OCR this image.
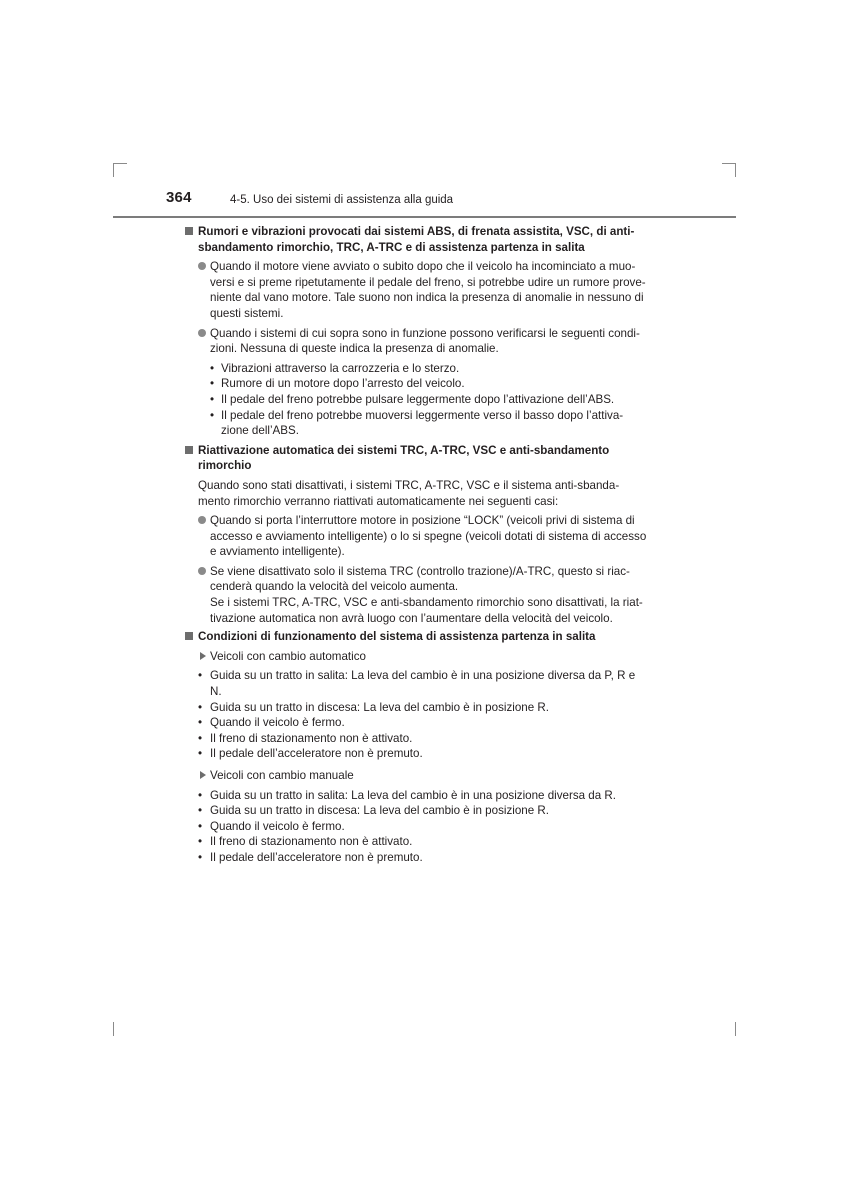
364	4-5. Uso dei sistemi di assistenza alla guida
Rumori e vibrazioni provocati dai sistemi ABS, di frenata assistita, VSC, di anti-
sbandamento rimorchio, TRC, A-TRC e di assistenza partenza in salita
Quando il motore viene avviato o subito dopo che il veicolo ha incominciato a muo-
versi e si preme ripetutamente il pedale del freno, si potrebbe udire un rumore prove-
niente dal vano motore. Tale suono non indica la presenza di anomalie in nessuno di
questi sistemi.
Quando i sistemi di cui sopra sono in funzione possono verificarsi le seguenti condi-
zioni. Nessuna di queste indica la presenza di anomalie.
• Vibrazioni attraverso la carrozzeria e lo sterzo.
• Rumore di un motore dopo l’arresto del veicolo.
• Il pedale del freno potrebbe pulsare leggermente dopo l’attivazione dell’ABS.
• Il pedale del freno potrebbe muoversi leggermente verso il basso dopo l’attiva-
zione dell’ABS.
Riattivazione automatica dei sistemi TRC, A-TRC, VSC e anti-sbandamento
rimorchio
Quando sono stati disattivati, i sistemi TRC, A-TRC, VSC e il sistema anti-sbanda-
mento rimorchio verranno riattivati automaticamente nei seguenti casi:
Quando si porta l’interruttore motore in posizione “LOCK” (veicoli privi di sistema di
accesso e avviamento intelligente) o lo si spegne (veicoli dotati di sistema di accesso
e avviamento intelligente).
Se viene disattivato solo il sistema TRC (controllo trazione)/A-TRC, questo si riac-
cenderà quando la velocità del veicolo aumenta.
Se i sistemi TRC, A-TRC, VSC e anti-sbandamento rimorchio sono disattivati, la riat-
tivazione automatica non avrà luogo con l’aumentare della velocità del veicolo.
Condizioni di funzionamento del sistema di assistenza partenza in salita
Veicoli con cambio automatico
• Guida su un tratto in salita: La leva del cambio è in una posizione diversa da P, R e
N.
• Guida su un tratto in discesa: La leva del cambio è in posizione R.
• Quando il veicolo è fermo.
• Il freno di stazionamento non è attivato.
• Il pedale dell’acceleratore non è premuto.
Veicoli con cambio manuale
• Guida su un tratto in salita: La leva del cambio è in una posizione diversa da R.
• Guida su un tratto in discesa: La leva del cambio è in posizione R.
• Quando il veicolo è fermo.
• Il freno di stazionamento non è attivato.
• Il pedale dell’acceleratore non è premuto.
